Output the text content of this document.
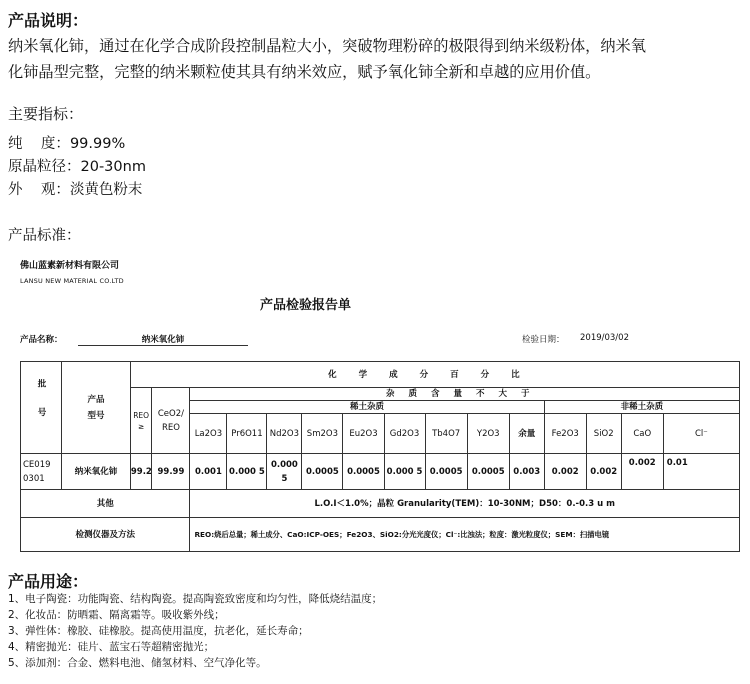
产品说明：
纳米氧化铈，通过在化学合成阶段控制晶粒大小，突破物理粉碎的极限得到纳米级粉体，纳米氧
化铈晶型完整，完整的纳米颗粒使其具有纳米效应，赋予氧化铈全新和卓越的应用价值。
主要指标：
纯    度：99.99%
原晶粒径：20-30nm
外    观：淡黄色粉末
产品标准：
佛山蓝素新材料有限公司
LANSU NEW MATERIAL CO.LTD
产品检验报告单
产品名称：	纳米氧化铈	检验日期： 2019/03/02
批号	产品型号	化学成分百分比														
		REO ≥	CeO2/ REO	杂质含量不大于												
				稀土杂质									非稀土杂质			
				La2O3	Pr6O11	Nd2O3	Sm2O3	Eu2O3	Gd2O3	Tb4O7	Y2O3	余量	Fe2O3	SiO2	CaO	Cl⁻
CE019 0301	纳米氧化铈	99.2	99.99	0.001	0.000 5	0.000 5	0.0005	0.0005	0.000 5	0.0005	0.0005	0.003	0.002	0.002	0.002	0.01
其他				L.O.I＜1.0%；晶粒 Granularity(TEM)：10-30NM；D50：0.-0.3 u m												
检测仪器及方法				REO:烧后总量；稀土成分、CaO:ICP-OES；Fe2O3、SiO2:分光光度仪；Cl⁻:比浊法；粒度：激光粒度仪；SEM：扫描电镜												
产品用途：
1、电子陶瓷：功能陶瓷、结构陶瓷。提高陶瓷致密度和均匀性，降低烧结温度；
2、化妆品：防晒霜、隔离霜等。吸收紫外线；
3、弹性体：橡胶、硅橡胶。提高使用温度，抗老化，延长寿命；
4、精密抛光：硅片、蓝宝石等超精密抛光；
5、添加剂：合金、燃料电池、储氢材料、空气净化等。
